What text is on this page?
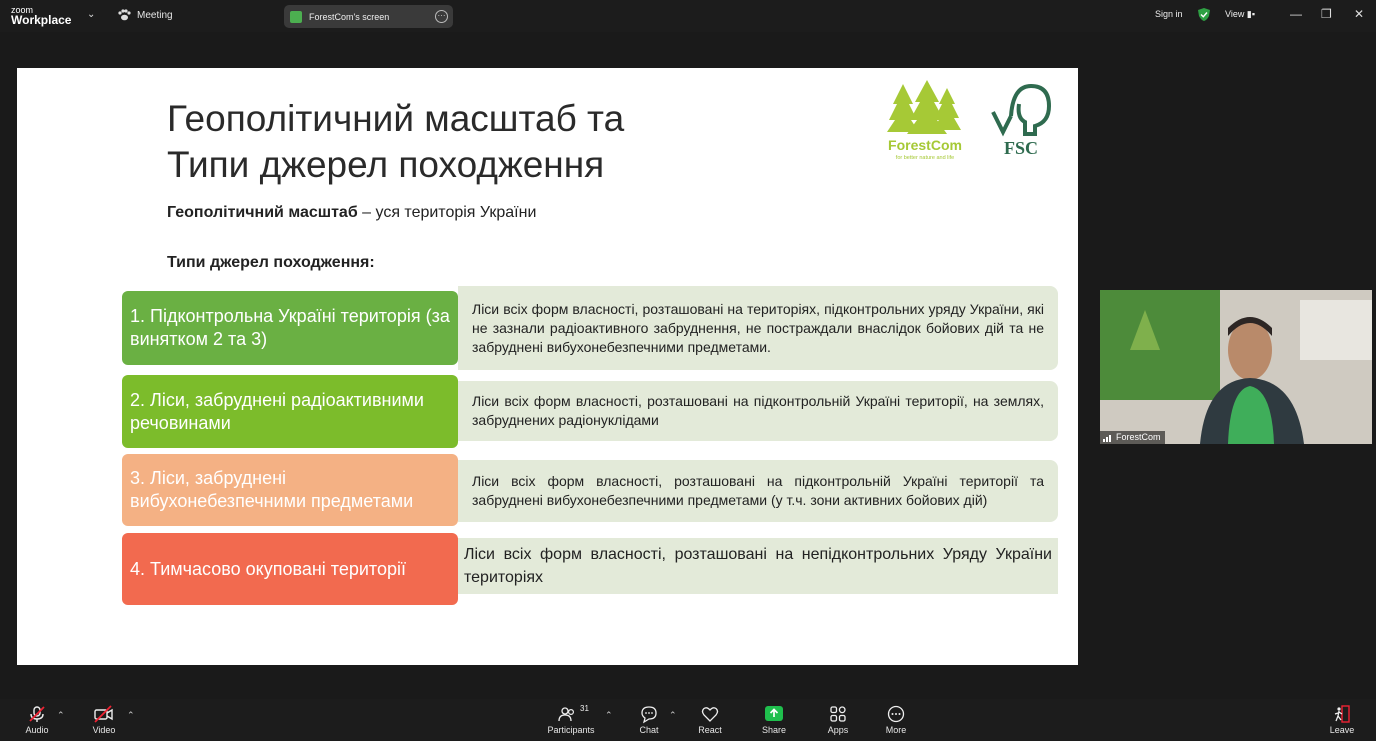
zoom
Workplace ⌄	Meeting	ForestCom's screen	···	Sign in	View ▮▪	— ❐ ✕
Геополітичний масштаб та
Типи джерел походження	ForestCom
for better nature and life	FSC
Геополітичний масштаб – уся територія України
Типи джерел походження:
1. Підконтрольна Україні територія (за винятком 2 та 3)
Ліси всіх форм власності, розташовані на територіях, підконтрольних уряду України, які не зазнали радіоактивного забруднення, не постраждали внаслідок бойових дій та не забруднені вибухонебезпечними предметами.
2. Ліси, забруднені радіоактивними речовинами
Ліси всіх форм власності, розташовані на підконтрольній Україні території, на землях, забруднених радіонуклідами
3. Ліси, забруднені вибухонебезпечними предметами
Ліси всіх форм власності, розташовані на підконтрольній Україні території та забруднені вибухонебезпечними предметами (у т.ч. зони активних бойових дій)
4. Тимчасово окуповані території
Ліси всіх форм власності, розташовані на непідконтрольних Уряду України територіях
ForestCom
Audio
⌃
Video
⌃
31
Participants
⌃
Chat
⌃
React	Share	Apps	More	Leave
